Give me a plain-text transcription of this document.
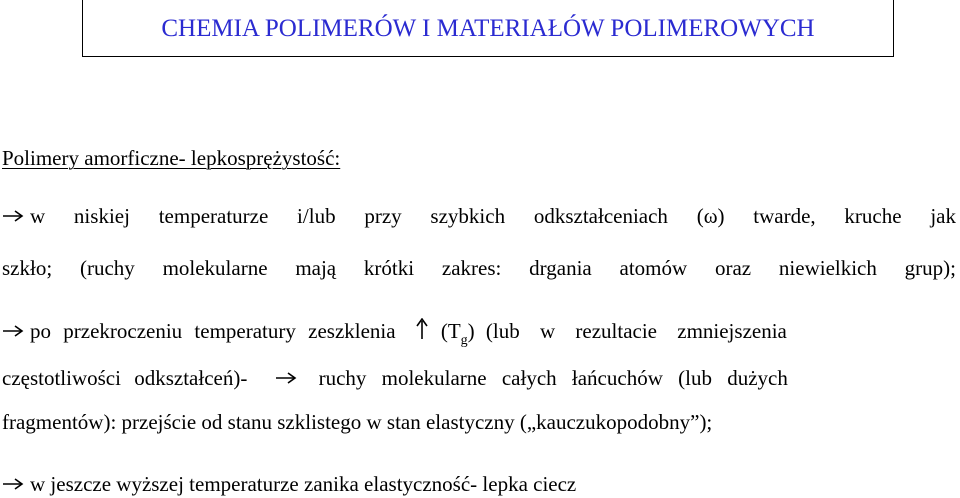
CHEMIA POLIMERÓW I MATERIAŁÓW POLIMEROWYCH
Polimery amorficzne- lepkosprężystość:
w niskiej temperaturze i/lub przy szybkich odkształceniach (ω) twarde, kruche jak
szkło; (ruchy molekularne mają krótki zakres: drgania atomów oraz niewielkich grup);
po przekroczeniu temperatury zeszklenia $(T_g)$ (lub w rezultacie zmniejszenia
częstotliwości odkształceń)-	ruchy molekularne całych łańcuchów (lub dużych
fragmentów): przejście od stanu szklistego w stan elastyczny („kauczukopodobny”);
w jeszcze wyższej temperaturze zanika elastyczność- lepka ciecz
